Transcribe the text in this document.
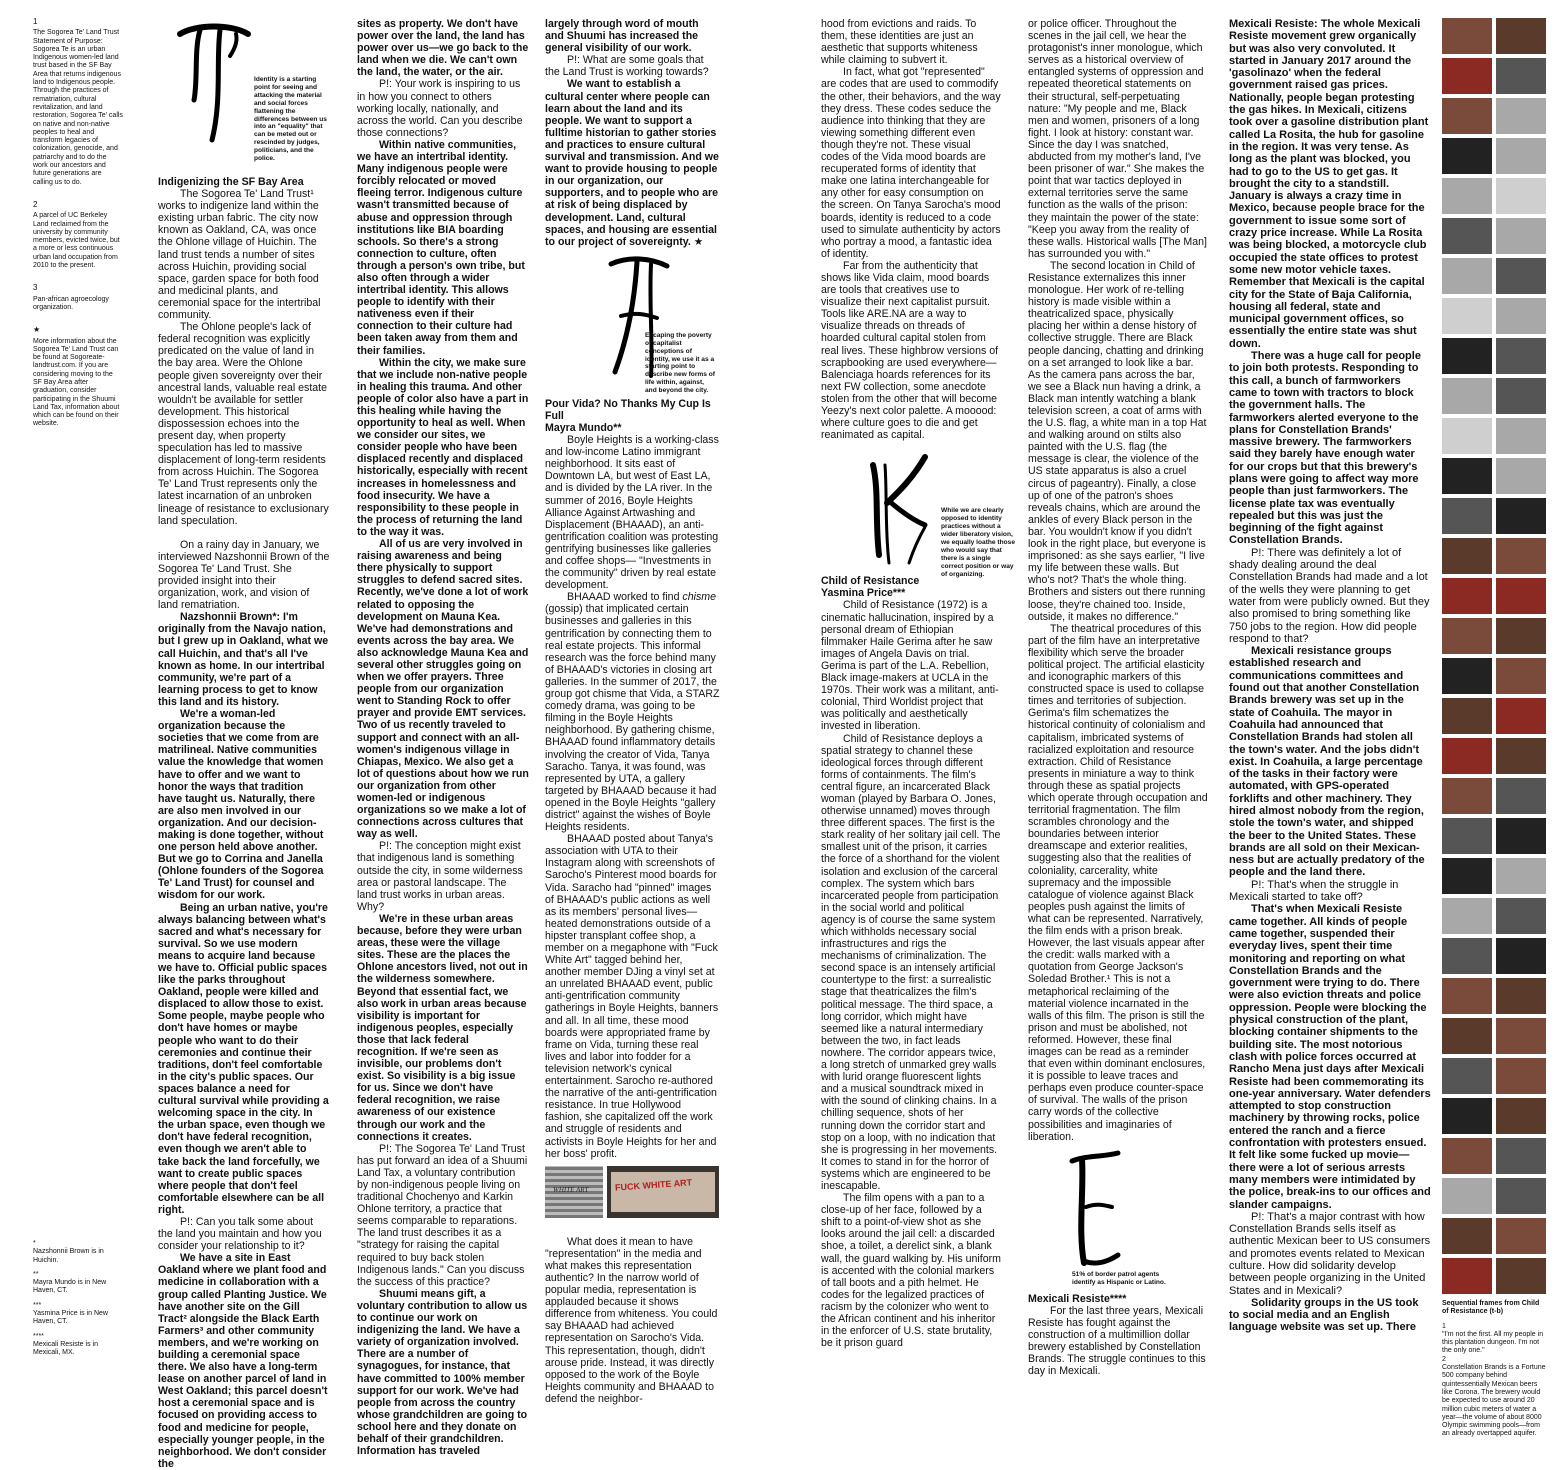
1

The Sogorea Te' Land Trust Statement of Purpose: Sogorea Te is an urban Indigenous women-led land trust based in the SF Bay Area that returns indigenous land to Indigenous people. Through the practices of rematriation, cultural revitalization, and land restoration, Sogorea Te' calls on native and non-native peoples to heal and transform legacies of colonization, genocide, and patriarchy and to do the work our ancestors and future generations are calling us to do.

2

A parcel of UC Berkeley Land reclaimed from the university by community members, evicted twice, but a more or less continuous urban land occupation from 2010 to the present.

3

Pan-african agroecology organization.

★

More information about the Sogorea Te' Land Trust can be found at Sogoreate-landtrust.com. If you are considering moving to the SF Bay Area after graduation, consider participating in the Shuumi Land Tax, information about which can be found on their website.

*

Nazshonnii Brown is in Huichin.

**

Mayra Mundo is in New Haven, CT.

***

Yasmina Price is in New Haven, CT.

****

Mexicali Resiste is in Mexicali, MX.

Identity is a starting point for seeing and attacking the material and social forces flattening the differences between us into an "equality" that can be meted out or rescinded by judges, politicians, and the police.

Indigenizing the SF Bay Area

The Sogorea Te' Land Trust¹ works to indigenize land within the existing urban fabric. The city now known as Oakland, CA, was once the Ohlone village of Huichin. The land trust tends a number of sites across Huichin, providing social space, garden space for both food and medicinal plants, and ceremonial space for the intertribal community.

The Ohlone people's lack of federal recognition was explicitly predicated on the value of land in the bay area. Were the Ohlone people given sovereignty over their ancestral lands, valuable real estate wouldn't be available for settler development. This historical dispossession echoes into the present day, when property speculation has led to massive displacement of long-term residents from across Huichin. The Sogorea Te' Land Trust represents only the latest incarnation of an unbroken lineage of resistance to exclusionary land speculation.

On a rainy day in January, we interviewed Nazshonnii Brown of the Sogorea Te' Land Trust. She provided insight into their organization, work, and vision of land rematriation.

Nazshonnii Brown*: I'm originally from the Navajo nation, but I grew up in Oakland, what we call Huichin, and that's all I've known as home. In our intertribal community, we're part of a learning process to get to know this land and its history.

We're a woman-led organization because the societies that we come from are matrilineal. Native communities value the knowledge that women have to offer and we want to honor the ways that tradition have taught us. Naturally, there are also men involved in our organization. And our decision-making is done together, without one person held above another. But we go to Corrina and Janella (Ohlone founders of the Sogorea Te' Land Trust) for counsel and wisdom for our work.

Being an urban native, you're always balancing between what's sacred and what's necessary for survival. So we use modern means to acquire land because we have to. Official public spaces like the parks throughout Oakland, people were killed and displaced to allow those to exist. Some people, maybe people who don't have homes or maybe people who want to do their ceremonies and continue their traditions, don't feel comfortable in the city's public spaces. Our spaces balance a need for cultural survival while providing a welcoming space in the city. In the urban space, even though we don't have federal recognition, even though we aren't able to take back the land forcefully, we want to create public spaces where people that don't feel comfortable elsewhere can be all right.

P!: Can you talk some about the land you maintain and how you consider your relationship to it?

We have a site in East Oakland where we plant food and medicine in collaboration with a group called Planting Justice. We have another site on the Gill Tract² alongside the Black Earth Farmers³ and other community members, and we're working on building a ceremonial space there. We also have a long-term lease on another parcel of land in West Oakland; this parcel doesn't host a ceremonial space and is focused on providing access to food and medicine for people, especially younger people, in the neighborhood. We don't consider the

sites as property. We don't have power over the land, the land has power over us—we go back to the land when we die. We can't own the land, the water, or the air.

P!: Your work is inspiring to us in how you connect to others working locally, nationally, and across the world. Can you describe those connections?

Within native communities, we have an intertribal identity. Many indigenous people were forcibly relocated or moved fleeing terror. Indigenous culture wasn't transmitted because of abuse and oppression through institutions like BIA boarding schools. So there's a strong connection to culture, often through a person's own tribe, but also often through a wider intertribal identity. This allows people to identify with their nativeness even if their connection to their culture had been taken away from them and their families.

Within the city, we make sure that we include non-native people in healing this trauma. And other people of color also have a part in this healing while having the opportunity to heal as well. When we consider our sites, we consider people who have been displaced recently and displaced historically, especially with recent increases in homelessness and food insecurity. We have a responsibility to these people in the process of returning the land to the way it was.

All of us are very involved in raising awareness and being there physically to support struggles to defend sacred sites. Recently, we've done a lot of work related to opposing the development on Mauna Kea. We've had demonstrations and events across the bay area. We also acknowledge Mauna Kea and several other struggles going on when we offer prayers. Three people from our organization went to Standing Rock to offer prayer and provide EMT services. Two of us recently traveled to support and connect with an all-women's indigenous village in Chiapas, Mexico. We also get a lot of questions about how we run our organization from other women-led or indigenous organizations so we make a lot of connections across cultures that way as well.

P!: The conception might exist that indigenous land is something outside the city, in some wilderness area or pastoral landscape. The land trust works in urban areas. Why?

We're in these urban areas because, before they were urban areas, these were the village sites. These are the places the Ohlone ancestors lived, not out in the wilderness somewhere. Beyond that essential fact, we also work in urban areas because visibility is important for indigenous peoples, especially those that lack federal recognition. If we're seen as invisible, our problems don't exist. So visibility is a big issue for us. Since we don't have federal recognition, we raise awareness of our existence through our work and the connections it creates.

P!: The Sogorea Te' Land Trust has put forward an idea of a Shuumi Land Tax, a voluntary contribution by non-indigenous people living on traditional Chochenyo and Karkin Ohlone territory, a practice that seems comparable to reparations. The land trust describes it as a "strategy for raising the capital required to buy back stolen Indigenous lands." Can you discuss the success of this practice?

Shuumi means gift, a voluntary contribution to allow us to continue our work on indigenizing the land. We have a variety of organization involved. There are a number of synagogues, for instance, that have committed to 100% member support for our work. We've had people from across the country whose grandchildren are going to school here and they donate on behalf of their grandchildren. Information has traveled

largely through word of mouth and Shuumi has increased the general visibility of our work.

P!: What are some goals that the Land Trust is working towards?

We want to establish a cultural center where people can learn about the land and its people. We want to support a fulltime historian to gather stories and practices to ensure cultural survival and transmission. And we want to provide housing to people in our organization, our supporters, and to people who are at risk of being displaced by development. Land, cultural spaces, and housing are essential to our project of sovereignty. ★

Escaping the poverty of capitalist conceptions of identity, we use it as a starting point to describe new forms of life within, against, and beyond the city.

Pour Vida? No Thanks My Cup Is Full

Mayra Mundo**

Boyle Heights is a working-class and low-income Latino immigrant neighborhood. It sits east of Downtown LA, but west of East LA, and is divided by the LA river. In the summer of 2016, Boyle Heights Alliance Against Artwashing and Displacement (BHAAAD), an anti-gentrification coalition was protesting gentrifying businesses like galleries and coffee shops— "Investments in the community" driven by real estate development.

BHAAAD worked to find chisme (gossip) that implicated certain businesses and galleries in this gentrification by connecting them to real estate projects. This informal research was the force behind many of BHAAAD's victories in closing art galleries. In the summer of 2017, the group got chisme that Vida, a STARZ comedy drama, was going to be filming in the Boyle Heights neighborhood. By gathering chisme, BHAAAD found inflammatory details involving the creator of Vida, Tanya Saracho. Tanya, it was found, was represented by UTA, a gallery targeted by BHAAAD because it had opened in the Boyle Heights "gallery district" against the wishes of Boyle Heights residents.

BHAAAD posted about Tanya's association with UTA to their Instagram along with screenshots of Sarocho's Pinterest mood boards for Vida. Saracho had "pinned" images of BHAAAD's public actions as well as its members' personal lives—heated demonstrations outside of a hipster transplant coffee shop, a member on a megaphone with "Fuck White Art" tagged behind her, another member DJing a vinyl set at an unrelated BHAAAD event, public anti-gentrification community gatherings in Boyle Heights, banners and all. In all time, these mood boards were appropriated frame by frame on Vida, turning these real lives and labor into fodder for a television network's cynical entertainment. Sarocho re-authored the narrative of the anti-gentrification resistance. In true Hollywood fashion, she capitalized off the work and struggle of residents and activists in Boyle Heights for her and her boss' profit.

WHITE ART	FUCK WHITE ART

What does it mean to have "representation" in the media and what makes this representation authentic? In the narrow world of popular media, representation is applauded because it shows difference from whiteness. You could say BHAAAD had achieved representation on Sarocho's Vida. This representation, though, didn't arouse pride. Instead, it was directly opposed to the work of the Boyle Heights community and BHAAAD to defend the neighbor-

hood from evictions and raids. To them, these identities are just an aesthetic that supports whiteness while claiming to subvert it.

In fact, what got "represented" are codes that are used to commodify the other, their behaviors, and the way they dress. These codes seduce the audience into thinking that they are viewing something different even though they're not. These visual codes of the Vida mood boards are recuperated forms of identity that make one latina interchangeable for any other for easy consumption on the screen. On Tanya Sarocha's mood boards, identity is reduced to a code used to simulate authenticity by actors who portray a mood, a fantastic idea of identity.

Far from the authenticity that shows like Vida claim, mood boards are tools that creatives use to visualize their next capitalist pursuit. Tools like ARE.NA are a way to visualize threads on threads of hoarded cultural capital stolen from real lives. These highbrow versions of scrapbooking are used everywhere—Balenciaga hoards references for its next FW collection, some anecdote stolen from the other that will become Yeezy's next color palette. A mooood: where culture goes to die and get reanimated as capital.

While we are clearly opposed to identity practices without a wider liberatory vision, we equally loathe those who would say that there is a single correct position or way of organizing.

Child of Resistance

Yasmina Price***

Child of Resistance (1972) is a cinematic hallucination, inspired by a personal dream of Ethiopian filmmaker Haile Gerima after he saw images of Angela Davis on trial. Gerima is part of the L.A. Rebellion, Black image-makers at UCLA in the 1970s. Their work was a militant, anti-colonial, Third Worldist project that was politically and aesthetically invested in liberation.

Child of Resistance deploys a spatial strategy to channel these ideological forces through different forms of containments. The film's central figure, an incarcerated Black woman (played by Barbara O. Jones, otherwise unnamed) moves through three different spaces. The first is the stark reality of her solitary jail cell. The smallest unit of the prison, it carries the force of a shorthand for the violent isolation and exclusion of the carceral complex. The system which bars incarcerated people from participation in the social world and political agency is of course the same system which withholds necessary social infrastructures and rigs the mechanisms of criminalization. The second space is an intensely artificial countertype to the first: a surrealistic stage that theatricalizes the film's political message. The third space, a long corridor, which might have seemed like a natural intermediary between the two, in fact leads nowhere. The corridor appears twice, a long stretch of unmarked grey walls with lurid orange fluorescent lights and a musical soundtrack mixed in with the sound of clinking chains. In a chilling sequence, shots of her running down the corridor start and stop on a loop, with no indication that she is progressing in her movements. It comes to stand in for the horror of systems which are engineered to be inescapable.

The film opens with a pan to a close-up of her face, followed by a shift to a point-of-view shot as she looks around the jail cell: a discarded shoe, a toilet, a derelict sink, a blank wall, the guard walking by. His uniform is accented with the colonial markers of tall boots and a pith helmet. He codes for the legalized practices of racism by the colonizer who went to the African continent and his inheritor in the enforcer of U.S. state brutality, be it prison guard

or police officer. Throughout the scenes in the jail cell, we hear the protagonist's inner monologue, which serves as a historical overview of entangled systems of oppression and repeated theoretical statements on their structural, self-perpetuating nature: "My people and me, Black men and women, prisoners of a long fight. I look at history: constant war. Since the day I was snatched, abducted from my mother's land, I've been prisoner of war." She makes the point that war tactics deployed in external territories serve the same function as the walls of the prison: they maintain the power of the state: "Keep you away from the reality of these walls. Historical walls [The Man] has surrounded you with."

The second location in Child of Resistance externalizes this inner monologue. Her work of re-telling history is made visible within a theatricalized space, physically placing her within a dense history of collective struggle. There are Black people dancing, chatting and drinking on a set arranged to look like a bar. As the camera pans across the bar, we see a Black nun having a drink, a Black man intently watching a blank television screen, a coat of arms with the U.S. flag, a white man in a top Hat and walking around on stilts also painted with the U.S. flag (the message is clear, the violence of the US state apparatus is also a cruel circus of pageantry). Finally, a close up of one of the patron's shoes reveals chains, which are around the ankles of every Black person in the bar. You wouldn't know if you didn't look in the right place, but everyone is imprisoned: as she says earlier, "I live my life between these walls. But who's not? That's the whole thing. Brothers and sisters out there running loose, they're chained too. Inside, outside, it makes no difference."

The theatrical procedures of this part of the film have an interpretative flexibility which serve the broader political project. The artificial elasticity and iconographic markers of this constructed space is used to collapse times and territories of subjection. Gerima's film schematizes the historical continuity of colonialism and capitalism, imbricated systems of racialized exploitation and resource extraction. Child of Resistance presents in miniature a way to think through these as spatial projects which operate through occupation and territorial fragmentation. The film scrambles chronology and the boundaries between interior dreamscape and exterior realities, suggesting also that the realities of coloniality, carcerality, white supremacy and the impossible catalogue of violence against Black peoples push against the limits of what can be represented. Narratively, the film ends with a prison break. However, the last visuals appear after the credit: walls marked with a quotation from George Jackson's Soledad Brother.¹ This is not a metaphorical reclaiming of the material violence incarnated in the walls of this film. The prison is still the prison and must be abolished, not reformed. However, these final images can be read as a reminder that even within dominant enclosures, it is possible to leave traces and perhaps even produce counter-space of survival. The walls of the prison carry words of the collective possibilities and imaginaries of liberation.

51% of border patrol agents identify as Hispanic or Latino.

Mexicali Resiste****

For the last three years, Mexicali Resiste has fought against the construction of a multimillion dollar brewery established by Constellation Brands. The struggle continues to this day in Mexicali.

Mexicali Resiste: The whole Mexicali Resiste movement grew organically but was also very convoluted. It started in January 2017 around the 'gasolinazo' when the federal government raised gas prices. Nationally, people began protesting the gas hikes. In Mexicali, citizens took over a gasoline distribution plant called La Rosita, the hub for gasoline in the region. It was very tense. As long as the plant was blocked, you had to go to the US to get gas. It brought the city to a standstill. January is always a crazy time in Mexico, because people brace for the government to issue some sort of crazy price increase. While La Rosita was being blocked, a motorcycle club occupied the state offices to protest some new motor vehicle taxes. Remember that Mexicali is the capital city for the State of Baja California, housing all federal, state and municipal government offices, so essentially the entire state was shut down.

There was a huge call for people to join both protests. Responding to this call, a bunch of farmworkers came to town with tractors to block the government halls. The farmworkers alerted everyone to the plans for Constellation Brands' massive brewery. The farmworkers said they barely have enough water for our crops but that this brewery's plans were going to affect way more people than just farmworkers. The license plate tax was eventually repealed but this was just the beginning of the fight against Constellation Brands.

P!: There was definitely a lot of shady dealing around the deal Constellation Brands had made and a lot of the wells they were planning to get water from were publicly owned. But they also promised to bring something like 750 jobs to the region. How did people respond to that?

Mexicali resistance groups established research and communications committees and found out that another Constellation Brands brewery was set up in the state of Coahuila. The mayor in Coahuila had announced that Constellation Brands had stolen all the town's water. And the jobs didn't exist. In Coahuila, a large percentage of the tasks in their factory were automated, with GPS-operated forklifts and other machinery. They hired almost nobody from the region, stole the town's water, and shipped the beer to the United States. These brands are all sold on their Mexican-ness but are actually predatory of the people and the land there.

P!: That's when the struggle in Mexicali started to take off?

That's when Mexicali Resiste came together. All kinds of people came together, suspended their everyday lives, spent their time monitoring and reporting on what Constellation Brands and the government were trying to do. There were also eviction threats and police oppression. People were blocking the physical construction of the plant, blocking container shipments to the building site. The most notorious clash with police forces occurred at Rancho Mena just days after Mexicali Resiste had been commemorating its one-year anniversary. Water defenders attempted to stop construction machinery by throwing rocks, police entered the ranch and a fierce confrontation with protesters ensued. It felt like some fucked up movie—there were a lot of serious arrests many members were intimidated by the police, break-ins to our offices and slander campaigns.

P!: That's a major contrast with how Constellation Brands sells itself as authentic Mexican beer to US consumers and promotes events related to Mexican culture. How did solidarity develop between people organizing in the United States and in Mexicali?

Solidarity groups in the US took to social media and an English language website was set up. There

Sequential frames from Child of Resistance (t-b)
1

"I'm not the first. All my people in this plantation dungeon. I'm not the only one."

2

Constellation Brands is a Fortune 500 company behind quintessentially Mexican beers like Corona. The brewery would be expected to use around 20 million cubic meters of water a year—the volume of about 8000 Olympic swimming pools—from an already overtapped aquifer.
